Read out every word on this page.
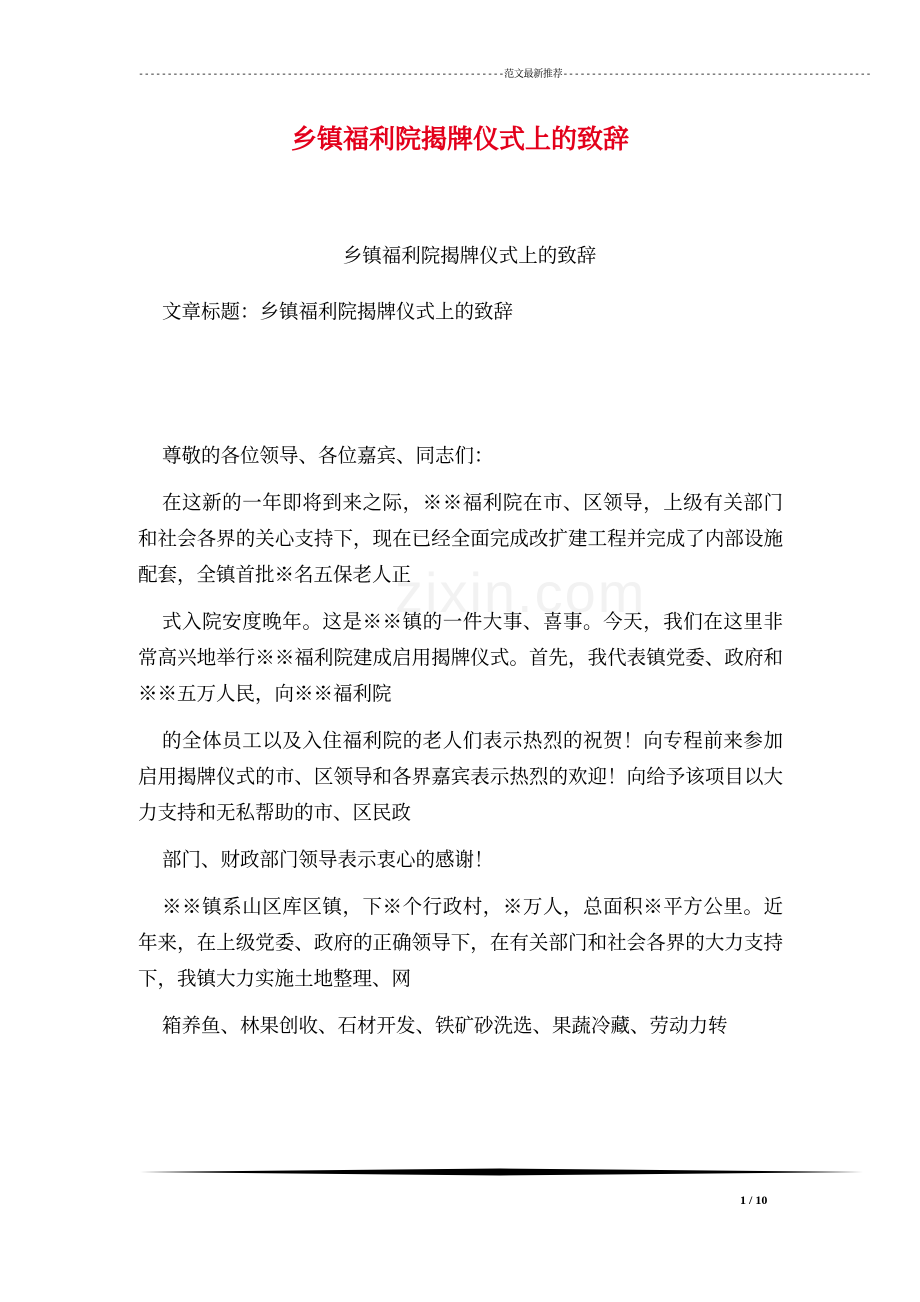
----------------------------------------------------------------范文最新推荐------------------------------------------------------
乡镇福利院揭牌仪式上的致辞
zixin.com

乡镇福利院揭牌仪式上的致辞

文章标题：乡镇福利院揭牌仪式上的致辞

尊敬的各位领导、各位嘉宾、同志们：

在这新的一年即将到来之际，※※福利院在市、区领导，上级有关部门和社会各界的关心支持下，现在已经全面完成改扩建工程并完成了内部设施配套，全镇首批※名五保老人正

式入院安度晚年。这是※※镇的一件大事、喜事。今天，我们在这里非常高兴地举行※※福利院建成启用揭牌仪式。首先，我代表镇党委、政府和※※五万人民，向※※福利院

的全体员工以及入住福利院的老人们表示热烈的祝贺！向专程前来参加启用揭牌仪式的市、区领导和各界嘉宾表示热烈的欢迎！向给予该项目以大力支持和无私帮助的市、区民政

部门、财政部门领导表示衷心的感谢！

※※镇系山区库区镇，下※个行政村，※万人，总面积※平方公里。近年来，在上级党委、政府的正确领导下，在有关部门和社会各界的大力支持下，我镇大力实施土地整理、网

箱养鱼、林果创收、石材开发、铁矿砂洗选、果蔬冷藏、劳动力转

1 / 10
